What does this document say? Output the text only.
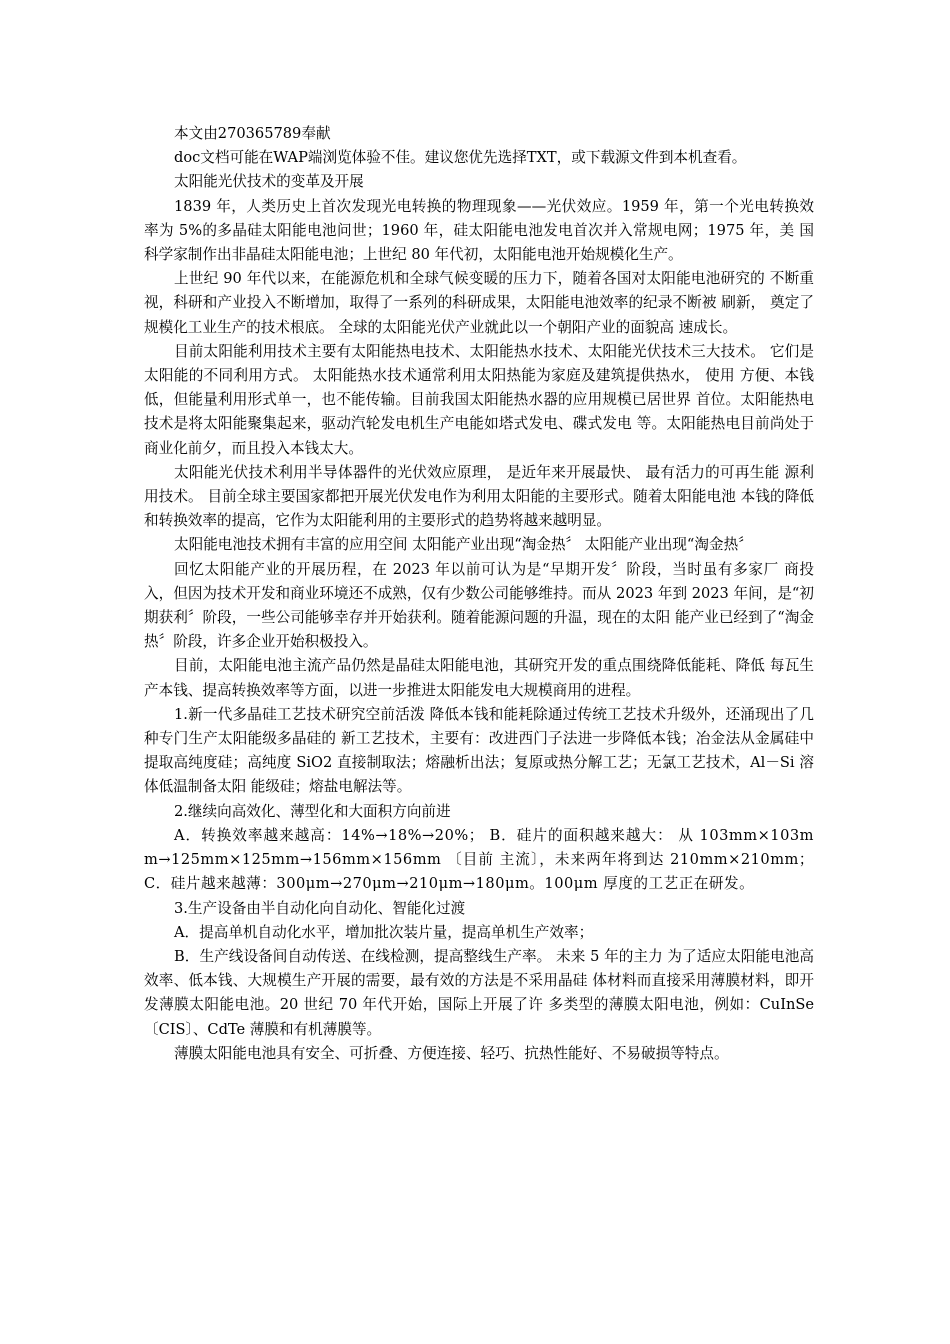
本文由270365789奉献

doc文档可能在WAP端浏览体验不佳。建议您优先选择TXT，或下载源文件到本机查看。

太阳能光伏技术的变革及开展

1839 年，人类历史上首次发现光电转换的物理现象——光伏效应。1959 年，第一个光电转换效 率为 5%的多晶硅太阳能电池问世；1960 年，硅太阳能电池发电首次并入常规电网；1975 年，美 国科学家制作出非晶硅太阳能电池；上世纪 80 年代初，太阳能电池开始规模化生产。

上世纪 90 年代以来，在能源危机和全球气候变暖的压力下，随着各国对太阳能电池研究的 不断重视，科研和产业投入不断增加，取得了一系列的科研成果，太阳能电池效率的纪录不断被 刷新， 奠定了规模化工业生产的技术根底。 全球的太阳能光伏产业就此以一个朝阳产业的面貌高 速成长。

目前太阳能利用技术主要有太阳能热电技术、太阳能热水技术、太阳能光伏技术三大技术。 它们是太阳能的不同利用方式。 太阳能热水技术通常利用太阳热能为家庭及建筑提供热水， 使用 方便、本钱低，但能量利用形式单一，也不能传输。目前我国太阳能热水器的应用规模已居世界 首位。太阳能热电技术是将太阳能聚集起来，驱动汽轮发电机生产电能如塔式发电、碟式发电 等。太阳能热电目前尚处于商业化前夕，而且投入本钱太大。

太阳能光伏技术利用半导体器件的光伏效应原理， 是近年来开展最快、 最有活力的可再生能 源利用技术。 目前全球主要国家都把开展光伏发电作为利用太阳能的主要形式。随着太阳能电池 本钱的降低和转换效率的提高，它作为太阳能利用的主要形式的趋势将越来越明显。

太阳能电池技术拥有丰富的应用空间 太阳能产业出现“淘金热〞 太阳能产业出现“淘金热〞

回忆太阳能产业的开展历程，在 2023 年以前可认为是“早期开发〞阶段，当时虽有多家厂 商投入，但因为技术开发和商业环境还不成熟，仅有少数公司能够维持。而从 2023 年到 2023 年间，是“初期获利〞阶段，一些公司能够幸存并开始获利。随着能源问题的升温，现在的太阳 能产业已经到了“淘金热〞阶段，许多企业开始积极投入。

目前，太阳能电池主流产品仍然是晶硅太阳能电池，其研究开发的重点围绕降低能耗、降低 每瓦生产本钱、提高转换效率等方面，以进一步推进太阳能发电大规模商用的进程。

1.新一代多晶硅工艺技术研究空前活泼 降低本钱和能耗除通过传统工艺技术升级外，还涌现出了几种专门生产太阳能级多晶硅的 新工艺技术，主要有：改进西门子法进一步降低本钱；冶金法从金属硅中提取高纯度硅；高纯度 SiO2 直接制取法；熔融析出法；复原或热分解工艺；无氯工艺技术，Al－Si 溶体低温制备太阳 能级硅；熔盐电解法等。

2.继续向高效化、薄型化和大面积方向前进

A．转换效率越来越高：14%→18%→20%； B．硅片的面积越来越大： 从 103mm×103mm→125mm×125mm→156mm×156mm 〔目前 主流〕，未来两年将到达 210mm×210mm； C．硅片越来越薄：300μm→270μm→210μm→180μm。100μm 厚度的工艺正在研发。

3.生产设备由半自动化向自动化、智能化过渡

A．提高单机自动化水平，增加批次装片量，提高单机生产效率；

B．生产线设备间自动传送、在线检测，提高整线生产率。 未来 5 年的主力 为了适应太阳能电池高效率、低本钱、大规模生产开展的需要，最有效的方法是不采用晶硅 体材料而直接采用薄膜材料，即开发薄膜太阳能电池。20 世纪 70 年代开始，国际上开展了许 多类型的薄膜太阳电池，例如：CuInSe〔CIS〕、CdTe 薄膜和有机薄膜等。

薄膜太阳能电池具有安全、可折叠、方便连接、轻巧、抗热性能好、不易破损等特点。
